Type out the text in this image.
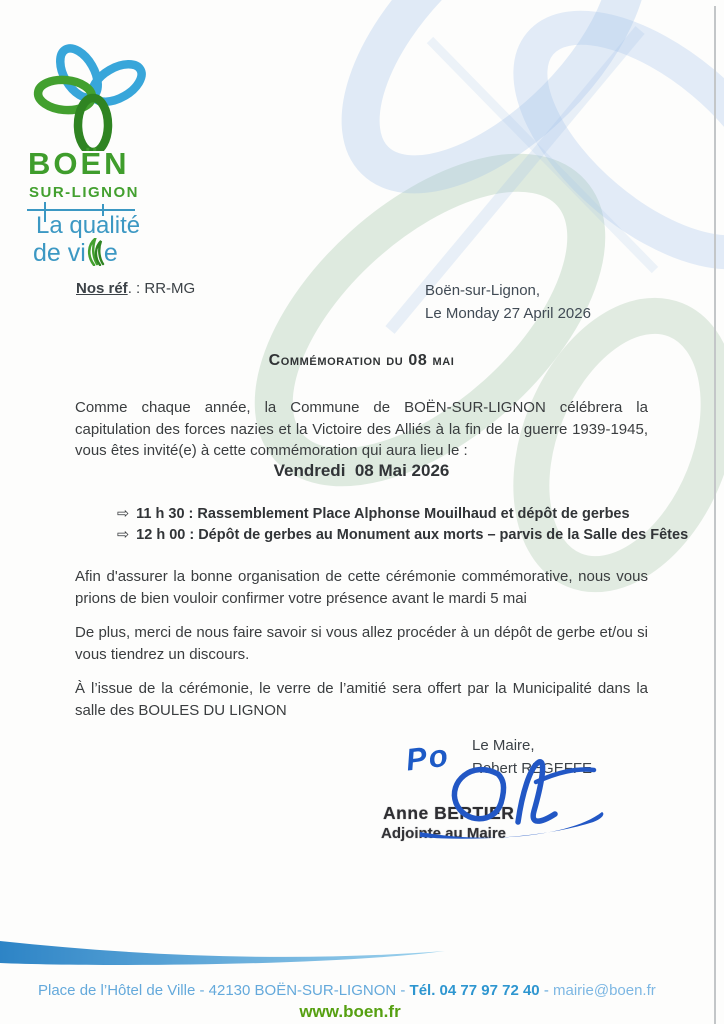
BOËN
SUR-LIGNON
La qualité
de vi e
Nos réf. : RR-MG	Boën-sur-Lignon,
Le Monday 27 April 2026
Commémoration du 08 mai

Comme chaque année, la Commune de BOËN-SUR-LIGNON célébrera la capitulation des forces nazies et la Victoire des Alliés à la fin de la guerre 1939-1945, vous êtes invité(e) à cette commémoration qui aura lieu le :

Vendredi  08 Mai 2026
⇨ 11 h 30 : Rassemblement Place Alphonse Mouilhaud et dépôt de gerbes
⇨ 12 h 00 : Dépôt de gerbes au Monument aux morts – parvis de la Salle des Fêtes

Afin d'assurer la bonne organisation de cette cérémonie commémorative, nous vous prions de bien vouloir confirmer votre présence avant le mardi 5 mai

De plus, merci de nous faire savoir si vous allez procéder à un dépôt de gerbe et/ou si vous tiendrez un discours.

À l’issue de la cérémonie, le verre de l’amitié sera offert par la Municipalité dans la salle des BOULES DU LIGNON

Le Maire,
Robert REGEFFE
Po
Anne BERTIER
Adjointe au Maire
Place de l’Hôtel de Ville - 42130 BOËN-SUR-LIGNON - Tél. 04 77 97 72 40 - mairie@boen.fr
www.boen.fr
